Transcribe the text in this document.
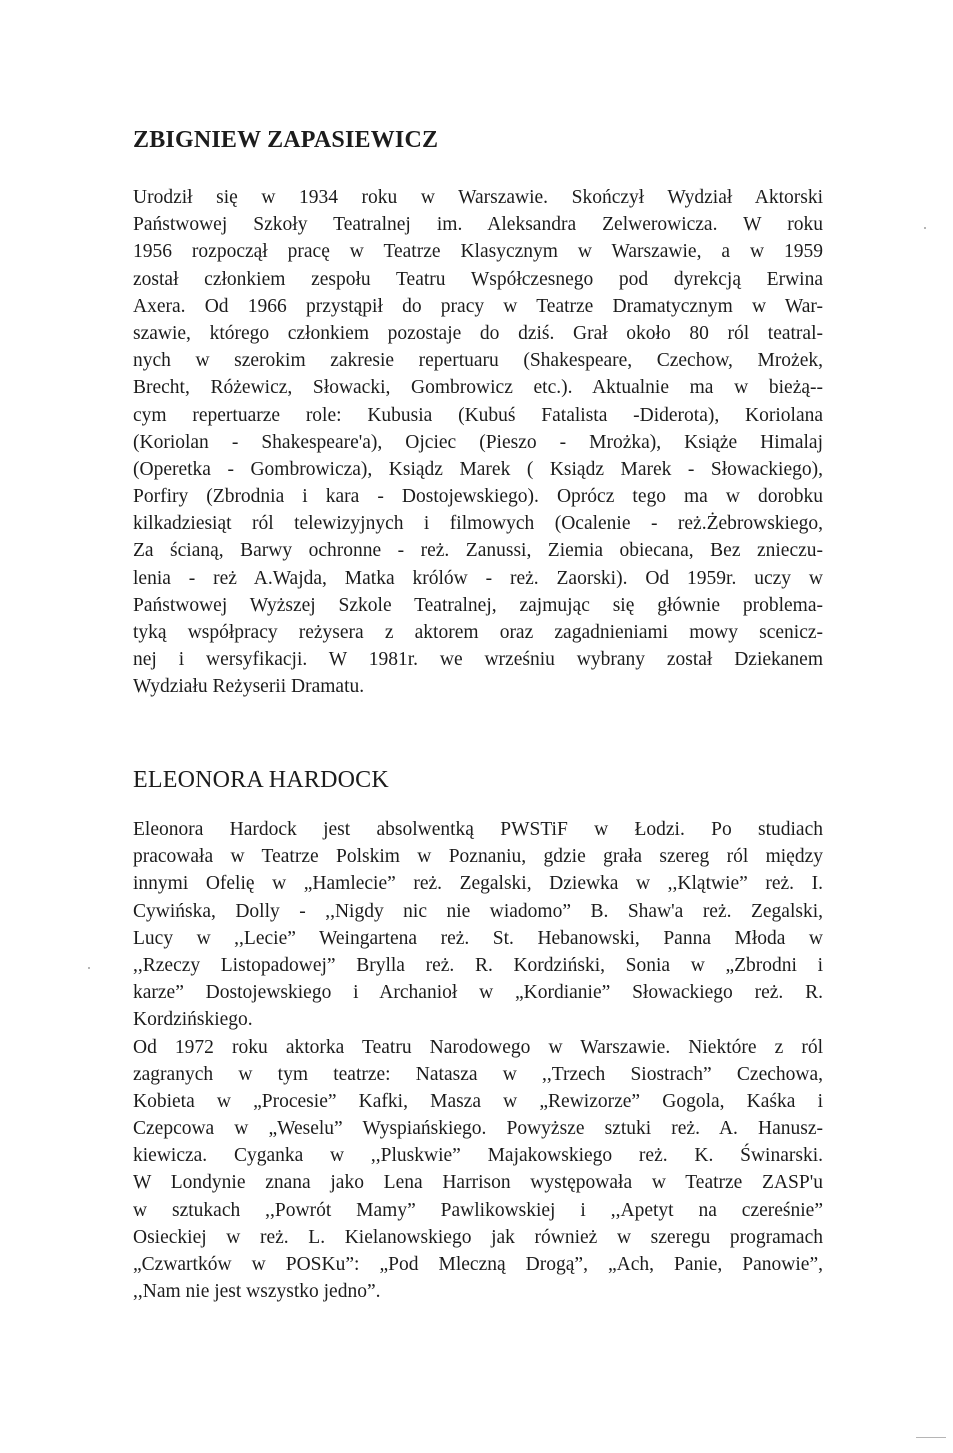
ZBIGNIEW ZAPASIEWICZ
Urodził się w 1934 roku w Warszawie. Skończył Wydział Aktorski
Państwowej Szkoły Teatralnej im. Aleksandra Zelwerowicza. W roku
1956 rozpoczął pracę w Teatrze Klasycznym w Warszawie, a w 1959
został członkiem zespołu Teatru Współczesnego pod dyrekcją Erwina
Axera. Od 1966 przystąpił do pracy w Teatrze Dramatycznym w War-
szawie, którego członkiem pozostaje do dziś. Grał około 80 ról teatral-
nych w szerokim zakresie repertuaru (Shakespeare, Czechow, Mrożek,
Brecht, Różewicz, Słowacki, Gombrowicz etc.). Aktualnie ma w bieżą--
cym repertuarze role: Kubusia (Kubuś Fatalista -Diderota), Koriolana
(Koriolan - Shakespeare'a), Ojciec (Pieszo - Mrożka), Książe Himalaj
(Operetka - Gombrowicza), Ksiądz Marek ( Ksiądz Marek - Słowackiego),
Porfiry (Zbrodnia i kara - Dostojewskiego). Oprócz tego ma w dorobku
kilkadziesiąt ról telewizyjnych i filmowych (Ocalenie - reż.Żebrowskiego,
Za ścianą, Barwy ochronne - reż. Zanussi, Ziemia obiecana, Bez znieczu-
lenia - reż A.Wajda, Matka królów - reż. Zaorski). Od 1959r. uczy w
Państwowej Wyższej Szkole Teatralnej, zajmując się głównie problema-
tyką współpracy reżysera z aktorem oraz zagadnieniami mowy scenicz-
nej i wersyfikacji. W 1981r. we wrześniu wybrany został Dziekanem
Wydziału Reżyserii Dramatu.
ELEONORA HARDOCK
Eleonora Hardock jest absolwentką PWSTiF w Łodzi. Po studiach
pracowała w Teatrze Polskim w Poznaniu, gdzie grała szereg ról między
innymi Ofelię w „Hamlecie” reż. Zegalski, Dziewka w ,,Klątwie” reż. I.
Cywińska, Dolly - ,,Nigdy nic nie wiadomo” B. Shaw'a reż. Zegalski,
Lucy w ,,Lecie” Weingartena reż. St. Hebanowski, Panna Młoda w
,,Rzeczy Listopadowej” Brylla reż. R. Kordziński, Sonia w „Zbrodni i
karze” Dostojewskiego i Archanioł w „Kordianie” Słowackiego reż. R.
Kordzińskiego.
Od 1972 roku aktorka Teatru Narodowego w Warszawie. Niektóre z ról
zagranych w tym teatrze: Natasza w ,,Trzech Siostrach” Czechowa,
Kobieta w „Procesie” Kafki, Masza w „Rewizorze” Gogola, Kaśka i
Czepcowa w „Weselu” Wyspiańskiego. Powyższe sztuki reż. A. Hanusz-
kiewicza. Cyganka w ,,Pluskwie” Majakowskiego reż. K. Świnarski.
W Londynie znana jako Lena Harrison występowała w Teatrze ZASP'u
w sztukach ,,Powrót Mamy” Pawlikowskiej i ,,Apetyt na czereśnie”
Osieckiej w reż. L. Kielanowskiego jak również w szeregu programach
„Czwartków w POSKu”: „Pod Mleczną Drogą”, „Ach, Panie, Panowie”,
,,Nam nie jest wszystko jedno”.
